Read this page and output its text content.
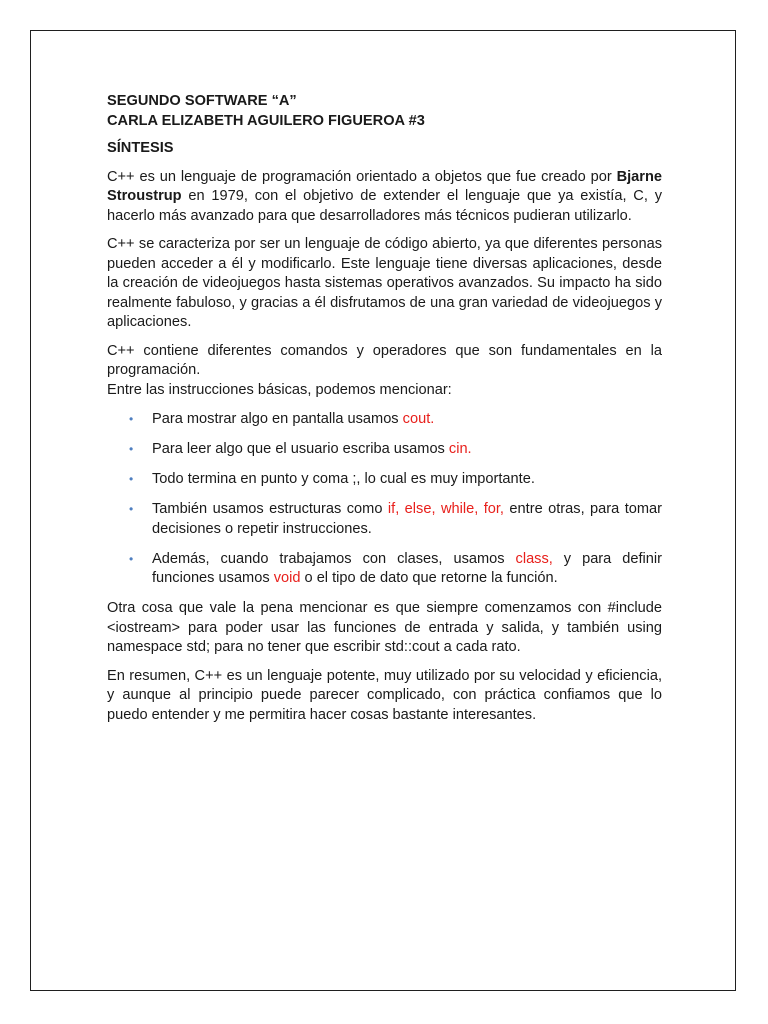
SEGUNDO SOFTWARE “A”

CARLA ELIZABETH AGUILERO FIGUEROA #3

SÍNTESIS

C++ es un lenguaje de programación orientado a objetos que fue creado por Bjarne Stroustrup en 1979, con el objetivo de extender el lenguaje que ya existía, C, y hacerlo más avanzado para que desarrolladores más técnicos pudieran utilizarlo.

C++ se caracteriza por ser un lenguaje de código abierto, ya que diferentes personas pueden acceder a él y modificarlo. Este lenguaje tiene diversas aplicaciones, desde la creación de videojuegos hasta sistemas operativos avanzados. Su impacto ha sido realmente fabuloso, y gracias a él disfrutamos de una gran variedad de videojuegos y aplicaciones.

C++ contiene diferentes comandos y operadores que son fundamentales en la programación.

Entre las instrucciones básicas, podemos mencionar:

• Para mostrar algo en pantalla usamos cout.
• Para leer algo que el usuario escriba usamos cin.
• Todo termina en punto y coma ;, lo cual es muy importante.
• También usamos estructuras como if, else, while, for, entre otras, para tomar decisiones o repetir instrucciones.
• Además, cuando trabajamos con clases, usamos class, y para definir funciones usamos void o el tipo de dato que retorne la función.

Otra cosa que vale la pena mencionar es que siempre comenzamos con #include <iostream> para poder usar las funciones de entrada y salida, y también using namespace std; para no tener que escribir std::cout a cada rato.

En resumen, C++ es un lenguaje potente, muy utilizado por su velocidad y eficiencia, y aunque al principio puede parecer complicado, con práctica confiamos que lo puedo entender y me permitira hacer cosas bastante interesantes.
